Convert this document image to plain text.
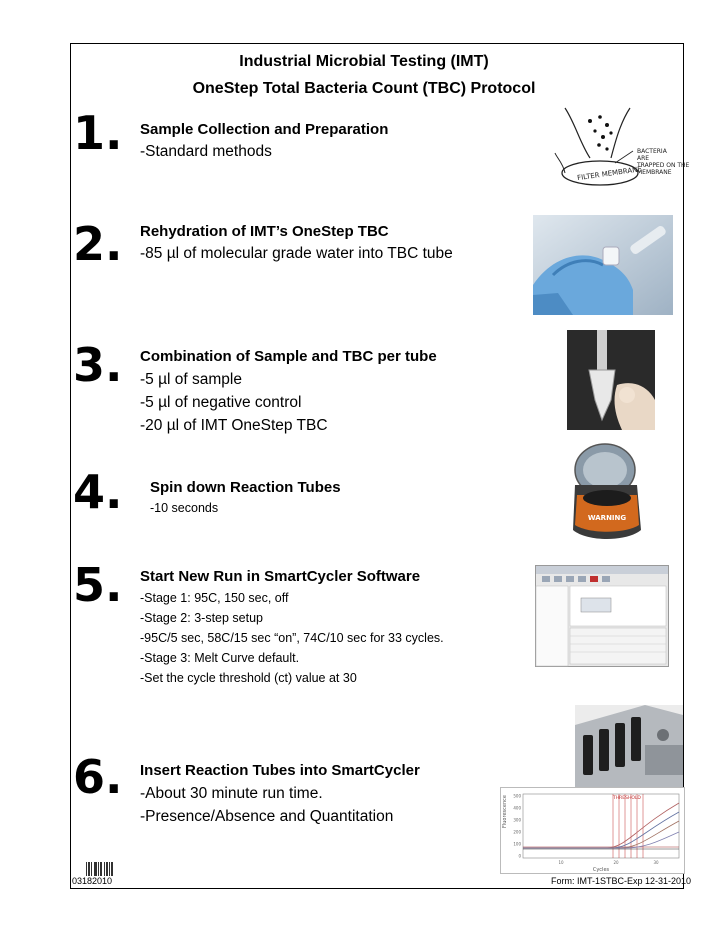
Industrial Microbial Testing (IMT)
OneStep Total Bacteria Count (TBC) Protocol
1. Sample Collection and Preparation
-Standard methods
2. Rehydration of IMT’s OneStep TBC
-85 µl of molecular grade water into TBC tube
3. Combination of Sample and TBC per tube
-5 µl of sample
-5 µl of negative control
-20 µl of IMT OneStep TBC
4. Spin down Reaction Tubes
-10 seconds
5. Start New Run in SmartCycler Software
-Stage 1: 95C, 150 sec, off
-Stage 2: 3-step setup
-95C/5 sec, 58C/15 sec “on”, 74C/10 sec for 33 cycles.
-Stage 3: Melt Curve default.
-Set the cycle threshold (ct) value at 30
6. Insert Reaction Tubes into SmartCycler
-About 30 minute run time.
-Presence/Absence and Quantitation
FILTER MEMBRANE
BACTERIA
ARE
TRAPPED ON THE
MEMBRANE
WARNING
Fluorescence
Cycles
THRESHOLD
500
400
300
200
100
0
10	20	30
03182010	Form: IMT-1STBC-Exp 12-31-2010
